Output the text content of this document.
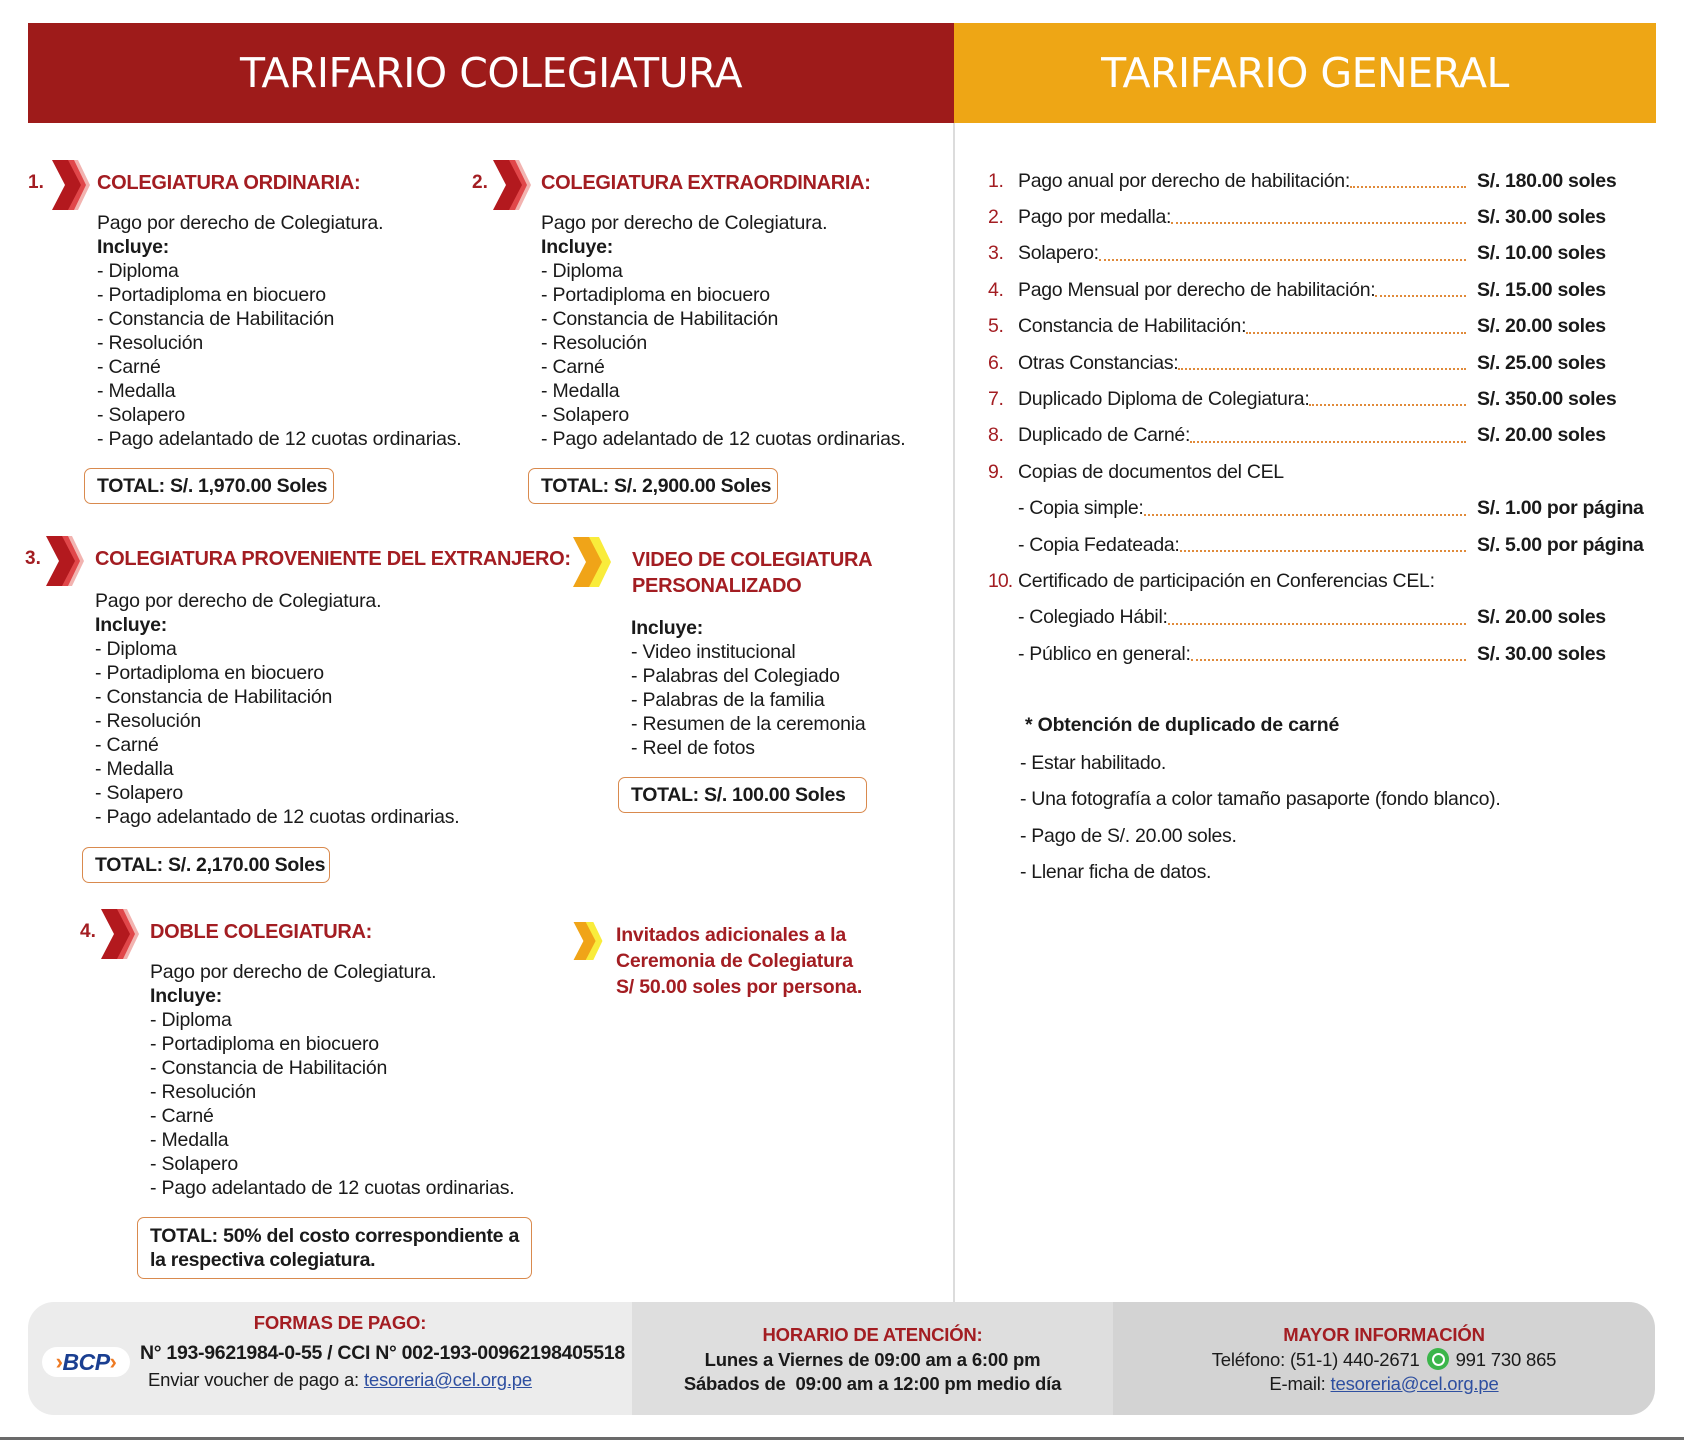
TARIFARIO COLEGIATURA	TARIFARIO GENERAL
1.	COLEGIATURA ORDINARIA:
Pago por derecho de Colegiatura.
Incluye:
- Diploma
- Portadiploma en biocuero
- Constancia de Habilitación
- Resolución
- Carné
- Medalla
- Solapero
- Pago adelantado de 12 cuotas ordinarias.
TOTAL: S/. 1,970.00 Soles
2.	COLEGIATURA EXTRAORDINARIA:
Pago por derecho de Colegiatura.
Incluye:
- Diploma
- Portadiploma en biocuero
- Constancia de Habilitación
- Resolución
- Carné
- Medalla
- Solapero
- Pago adelantado de 12 cuotas ordinarias.
TOTAL: S/. 2,900.00 Soles
3.	COLEGIATURA PROVENIENTE DEL EXTRANJERO:
Pago por derecho de Colegiatura.
Incluye:
- Diploma
- Portadiploma en biocuero
- Constancia de Habilitación
- Resolución
- Carné
- Medalla
- Solapero
- Pago adelantado de 12 cuotas ordinarias.
TOTAL: S/. 2,170.00 Soles
VIDEO DE COLEGIATURA
PERSONALIZADO
Incluye:
- Video institucional
- Palabras del Colegiado
- Palabras de la familia
- Resumen de la ceremonia
- Reel de fotos
TOTAL: S/. 100.00 Soles
4.	DOBLE COLEGIATURA:
Pago por derecho de Colegiatura.
Incluye:
- Diploma
- Portadiploma en biocuero
- Constancia de Habilitación
- Resolución
- Carné
- Medalla
- Solapero
- Pago adelantado de 12 cuotas ordinarias.
TOTAL: 50% del costo correspondiente a la respectiva colegiatura.
Invitados adicionales a la
Ceremonia de Colegiatura
S/ 50.00 soles por persona.
1. Pago anual por derecho de habilitación:	S/. 180.00 soles
2. Pago por medalla:	S/. 30.00 soles
3. Solapero:	S/. 10.00 soles
4. Pago Mensual por derecho de habilitación:	S/. 15.00 soles
5. Constancia de Habilitación:	S/. 20.00 soles
6. Otras Constancias:	S/. 25.00 soles
7. Duplicado Diploma de Colegiatura:	S/. 350.00 soles
8. Duplicado de Carné:	S/. 20.00 soles
9. Copias de documentos del CEL
- Copia simple:	S/. 1.00 por página
- Copia Fedateada:	S/. 5.00 por página
10. Certificado de participación en Conferencias CEL:
- Colegiado Hábil:	S/. 20.00 soles
- Público en general:	S/. 30.00 soles
* Obtención de duplicado de carné
- Estar habilitado.
- Una fotografía a color tamaño pasaporte (fondo blanco).
- Pago de S/. 20.00 soles.
- Llenar ficha de datos.
FORMAS DE PAGO:
› BCP › N° 193-9621984-0-55 / CCI N° 002-193-00962198405518
Enviar voucher de pago a: tesoreria@cel.org.pe
HORARIO DE ATENCIÓN:
Lunes a Viernes de 09:00 am a 6:00 pm
Sábados de  09:00 am a 12:00 pm medio día
MAYOR INFORMACIÓN
Teléfono: (51-1) 440-2671 991 730 865
E-mail: tesoreria@cel.org.pe
